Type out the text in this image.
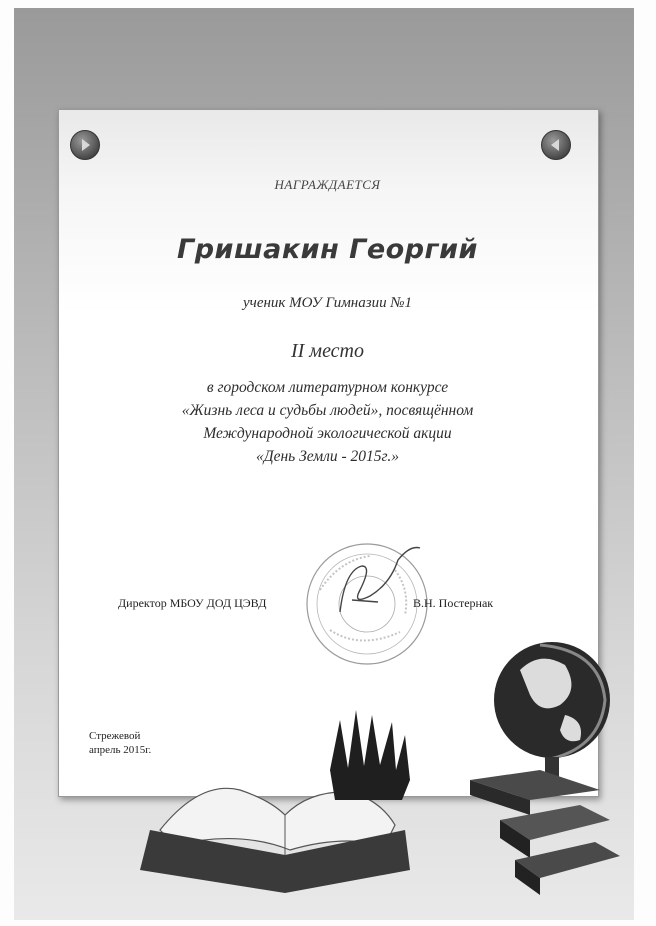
НАГРАЖДАЕТСЯ
Гришакин Георгий
ученик МОУ Гимназии №1
II место
в городском литературном конкурсе
«Жизнь леса и судьбы людей», посвящённом
Международной экологической акции
«День Земли - 2015г.»
Директор МБОУ ДОД ЦЭВД	В.Н. Постернак
Стрежевой
апрель 2015г.
